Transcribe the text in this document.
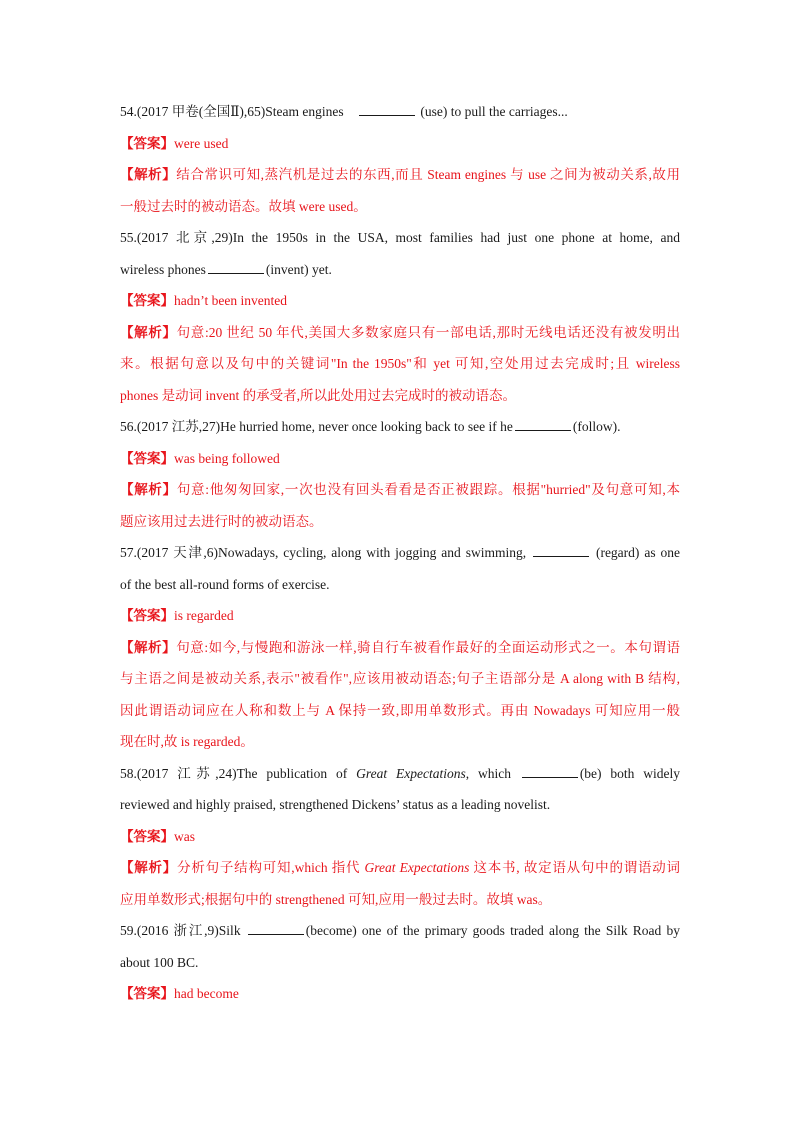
54.(2017 甲卷(全国Ⅱ),65)Steam engines	(use) to pull the carriages...
【答案】were used
【解析】结合常识可知,蒸汽机是过去的东西,而且 Steam engines 与 use 之间为被动关系,故用
一般过去时的被动语态。故填 were used。
55.(2017 北京,29)In the 1950s in the USA, most families had just one phone at home, and
wireless phones	(invent) yet.
【答案】hadn’t been invented
【解析】句意:20 世纪 50 年代,美国大多数家庭只有一部电话,那时无线电话还没有被发明出
来。根据句意以及句中的关键词"In the 1950s"和 yet 可知,空处用过去完成时;且 wireless
phones 是动词 invent 的承受者,所以此处用过去完成时的被动语态。
56.(2017 江苏,27)He hurried home, never once looking back to see if he	(follow).
【答案】was being followed
【解析】句意:他匆匆回家,一次也没有回头看看是否正被跟踪。根据"hurried"及句意可知,本
题应该用过去进行时的被动语态。
57.(2017 天津,6)Nowadays, cycling, along with jogging and swimming,	(regard) as one
of the best all-round forms of exercise.
【答案】is regarded
【解析】句意:如今,与慢跑和游泳一样,骑自行车被看作最好的全面运动形式之一。本句谓语
与主语之间是被动关系,表示"被看作",应该用被动语态;句子主语部分是 A along with B 结构,
因此谓语动词应在人称和数上与 A 保持一致,即用单数形式。再由 Nowadays 可知应用一般
现在时,故 is regarded。
58.(2017 江苏,24)The publication of Great Expectations, which	(be) both widely
reviewed and highly praised, strengthened Dickens’ status as a leading novelist.
【答案】was
【解析】分析句子结构可知,which 指代 Great Expectations 这本书, 故定语从句中的谓语动词
应用单数形式;根据句中的 strengthened 可知,应用一般过去时。故填 was。
59.(2016 浙江,9)Silk	(become) one of the primary goods traded along the Silk Road by
about 100 BC.
【答案】had become
